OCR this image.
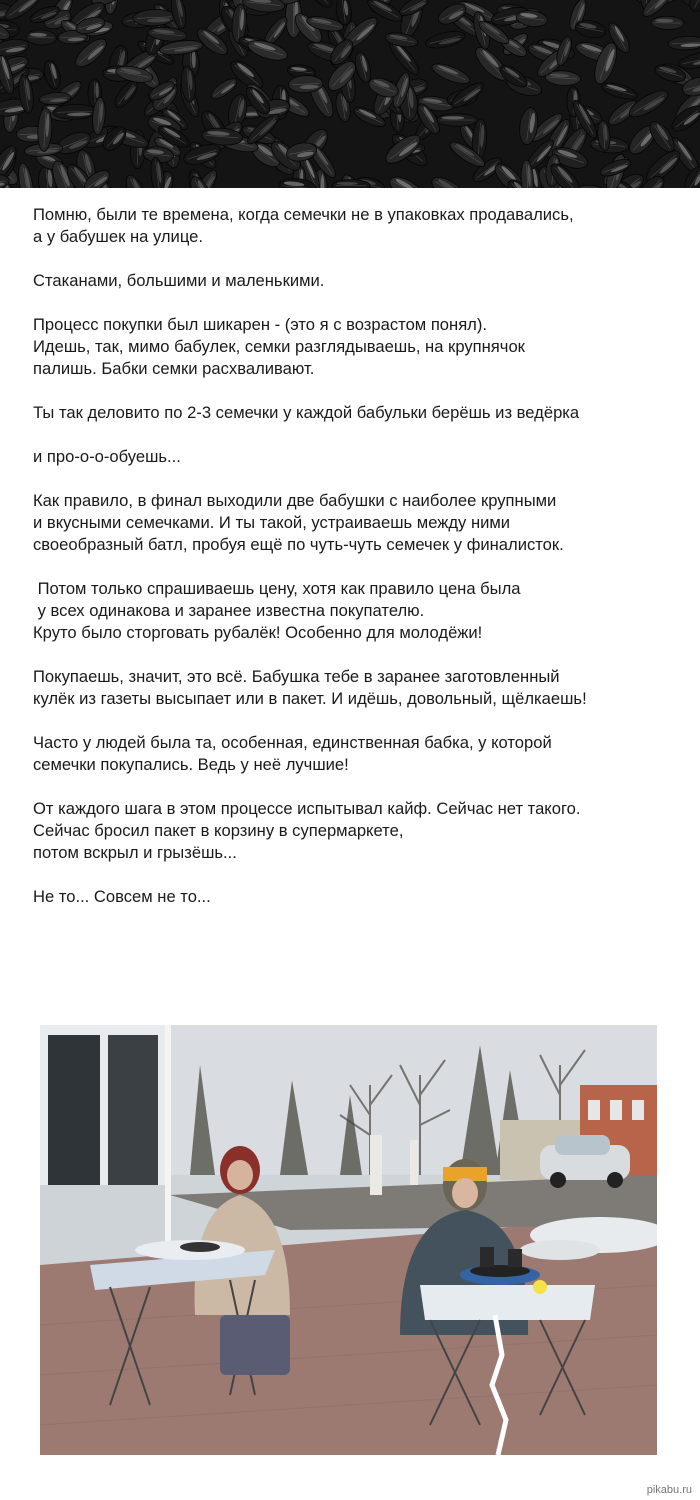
Помню, были те времена, когда семечки не в упаковках продавались,
а у бабушек на улице.

Стаканами, большими и маленькими.

Процесс покупки был шикарен - (это я с возрастом понял).
Идешь, так, мимо бабулек, семки разглядываешь, на крупнячок
палишь. Бабки семки расхваливают.

Ты так деловито по 2-3 семечки у каждой бабульки берёшь из ведёрка

и про-о-о-обуешь...

Как правило, в финал выходили две бабушки с наиболее крупными
и вкусными семечками. И ты такой, устраиваешь между ними
своеобразный батл, пробуя ещё по чуть-чуть семечек у финалисток.

Потом только спрашиваешь цену, хотя как правило цена была
у всех одинакова и заранее известна покупателю.
Круто было сторговать рубалёк! Особенно для молодёжи!

Покупаешь, значит, это всё. Бабушка тебе в заранее заготовленный
кулёк из газеты высыпает или в пакет. И идёшь, довольный, щёлкаешь!

Часто у людей была та, особенная, единственная бабка, у которой
семечки покупались. Ведь у неё лучшие!

От каждого шага в этом процессе испытывал кайф. Сейчас нет такого.
Сейчас бросил пакет в корзину в супермаркете,
потом вскрыл и грызёшь...

Не то... Совсем не то...

pikabu.ru
